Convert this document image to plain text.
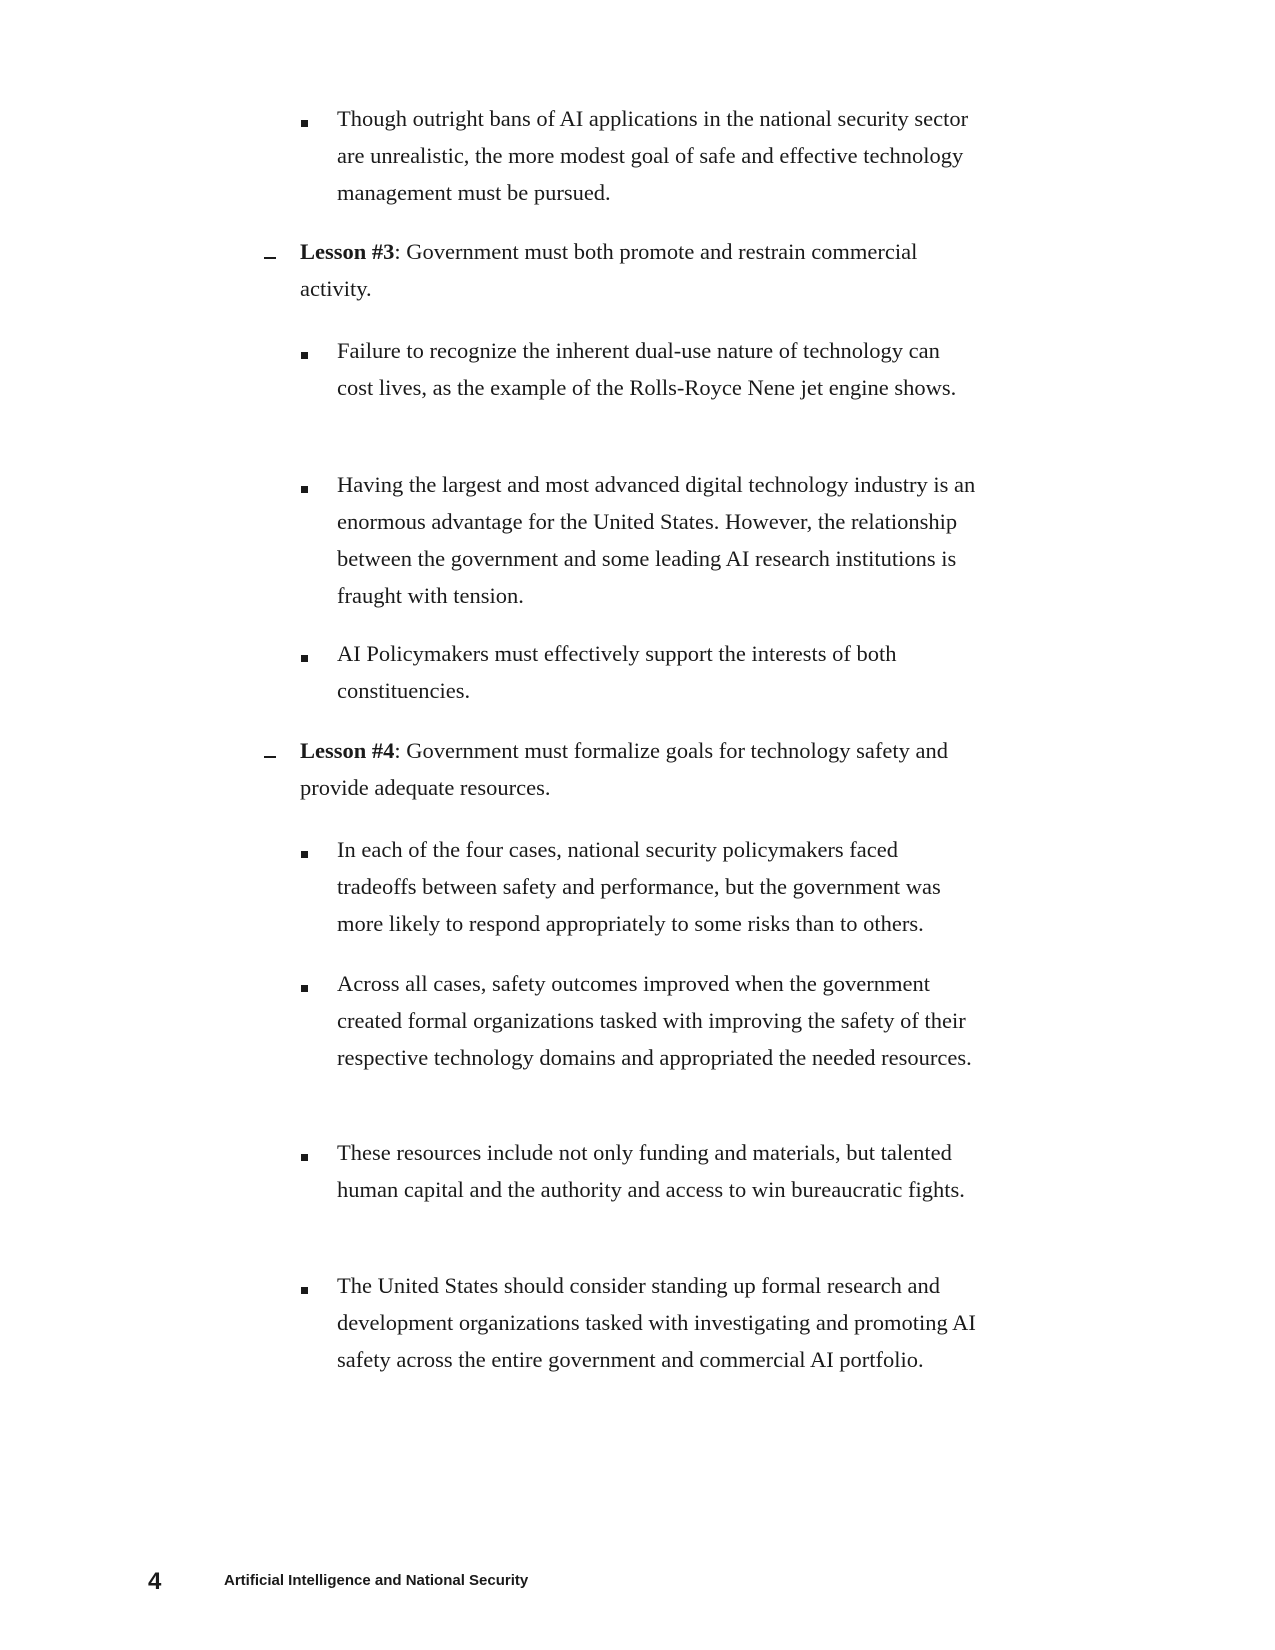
Though outright bans of AI applications in the national security sector are unrealistic, the more modest goal of safe and effective technology management must be pursued.

Lesson #3: Government must both promote and restrain commercial activity.

Failure to recognize the inherent dual-use nature of technology can cost lives, as the example of the Rolls-Royce Nene jet engine shows.

Having the largest and most advanced digital technology industry is an enormous advantage for the United States. However, the relationship between the government and some leading AI research institutions is fraught with tension.

AI Policymakers must effectively support the interests of both constituencies.

Lesson #4: Government must formalize goals for technology safety and provide adequate resources.

In each of the four cases, national security policymakers faced tradeoffs between safety and performance, but the government was more likely to respond appropriately to some risks than to others.

Across all cases, safety outcomes improved when the government created formal organizations tasked with improving the safety of their respective technology domains and appropriated the needed resources.

These resources include not only funding and materials, but talented human capital and the authority and access to win bureaucratic fights.

The United States should consider standing up formal research and development organizations tasked with investigating and promoting AI safety across the entire government and commercial AI portfolio.

4	Artificial Intelligence and National Security
